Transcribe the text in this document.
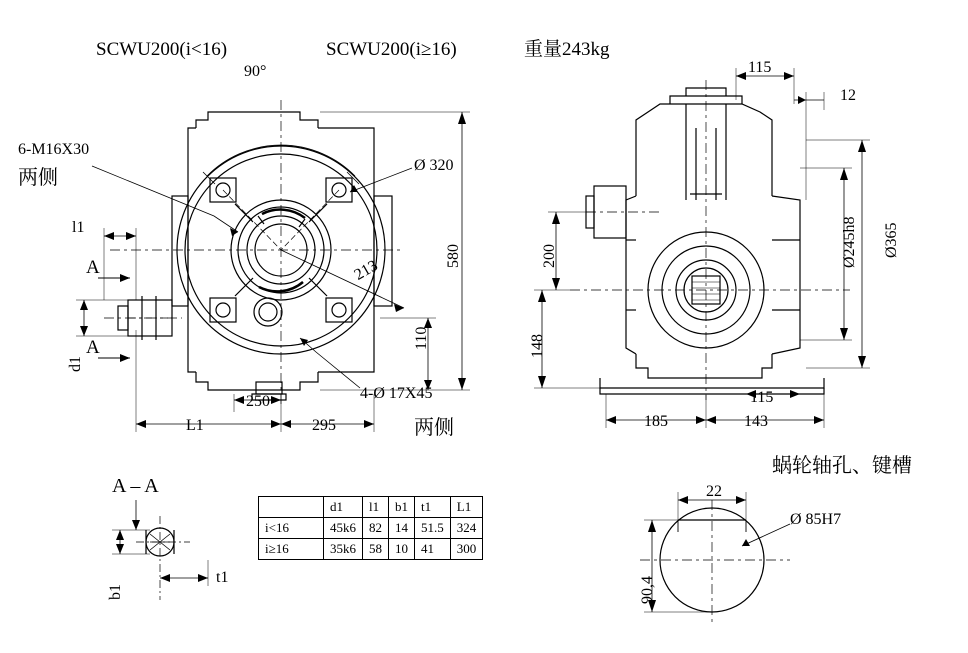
SCWU200(i<16)	SCWU200(i≥16)	重量243kg
90°
6-M16X30
两侧
Ø 320
580
213
110
250
295
L1
l1
d1
A
A
4-Ø 17X45
两侧
115
12
200
148
185
115
143
Ø245h8 Ø365
A – A
b1
t1
蜗轮轴孔、键槽
22
90,4
Ø 85H7
	d1	l1	b1	t1	L1
i<16	45k6	82	14	51.5	324
i≥16	35k6	58	10	41	300
